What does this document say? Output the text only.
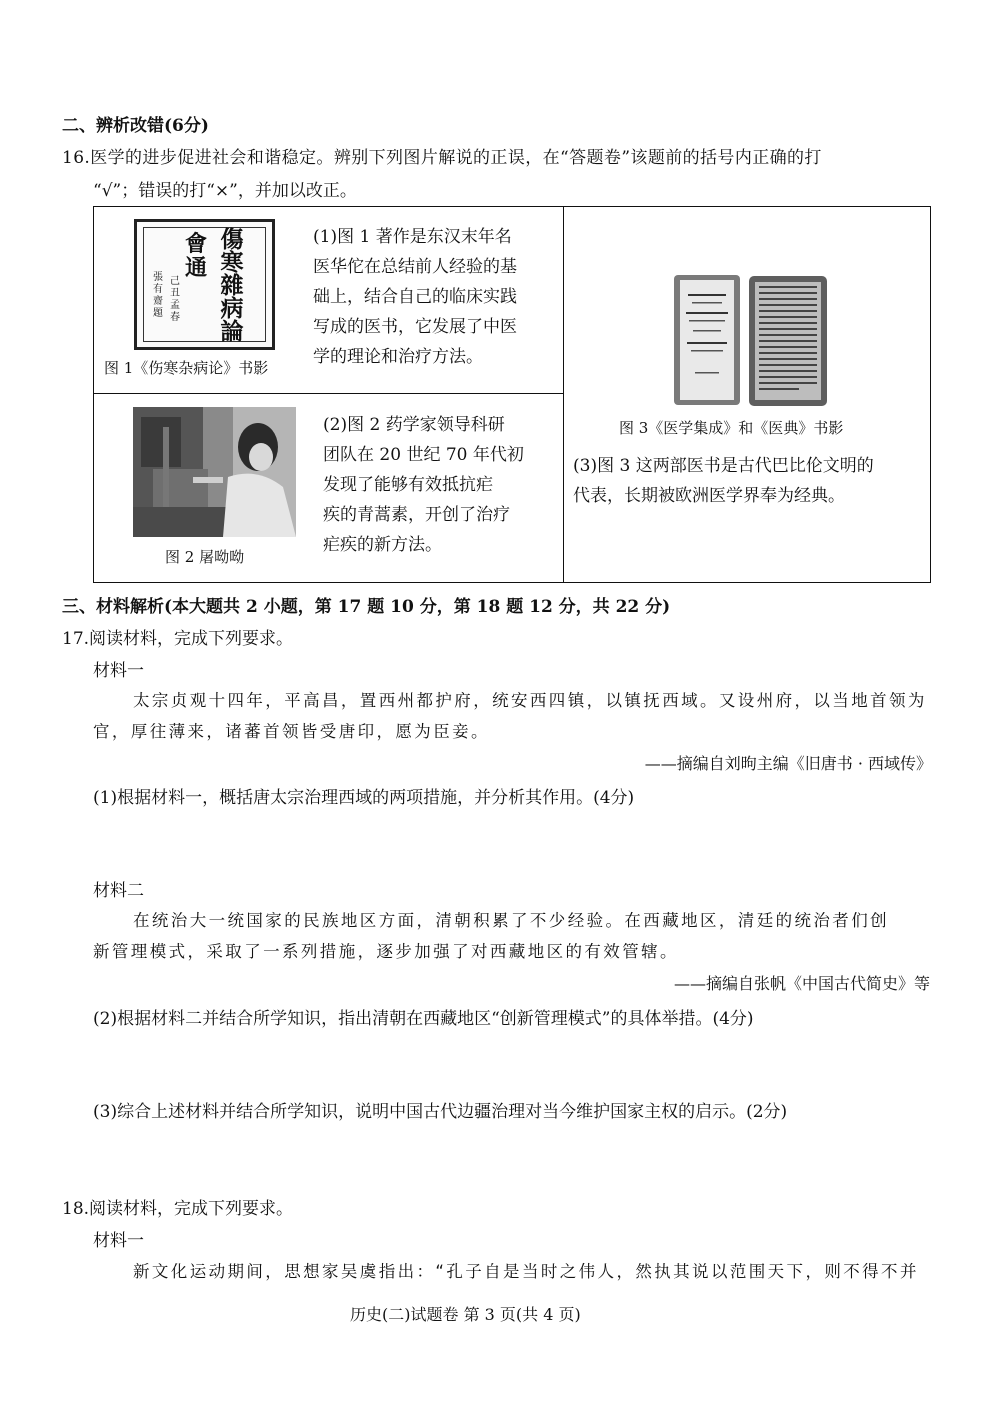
二、辨析改错(6分)
16.医学的进步促进社会和谐稳定。辨别下列图片解说的正误，在“答题卷”该题前的括号内正确的打
“√”；错误的打“×”，并加以改正。
傷寒雜病論
會通
己丑孟春
張有齋題
图 1《伤寒杂病论》书影
(1)图 1 著作是东汉末年名
医华佗在总结前人经验的基
础上，结合自己的临床实践
写成的医书，它发展了中医
学的理论和治疗方法。
图 2 屠呦呦
(2)图 2 药学家领导科研
团队在 20 世纪 70 年代初
发现了能够有效抵抗疟
疾的青蒿素，开创了治疗
疟疾的新方法。
图 3《医学集成》和《医典》书影
(3)图 3 这两部医书是古代巴比伦文明的
代表，长期被欧洲医学界奉为经典。
三、材料解析(本大题共 2 小题，第 17 题 10 分，第 18 题 12 分，共 22 分)
17.阅读材料，完成下列要求。
材料一
太宗贞观十四年，平高昌，置西州都护府，统安西四镇，以镇抚西域。又设州府，以当地首领为
官，厚往薄来，诸蕃首领皆受唐印，愿为臣妾。
——摘编自刘昫主编《旧唐书 · 西域传》
(1)根据材料一，概括唐太宗治理西域的两项措施，并分析其作用。(4分)
材料二
在统治大一统国家的民族地区方面，清朝积累了不少经验。在西藏地区，清廷的统治者们创
新管理模式，采取了一系列措施，逐步加强了对西藏地区的有效管辖。
——摘编自张帆《中国古代简史》等
(2)根据材料二并结合所学知识，指出清朝在西藏地区“创新管理模式”的具体举措。(4分)
(3)综合上述材料并结合所学知识，说明中国古代边疆治理对当今维护国家主权的启示。(2分)
18.阅读材料，完成下列要求。
材料一
新文化运动期间，思想家吴虞指出：“孔子自是当时之伟人，然执其说以范围天下，则不得不并
历史(二)试题卷 第 3 页(共 4 页)
